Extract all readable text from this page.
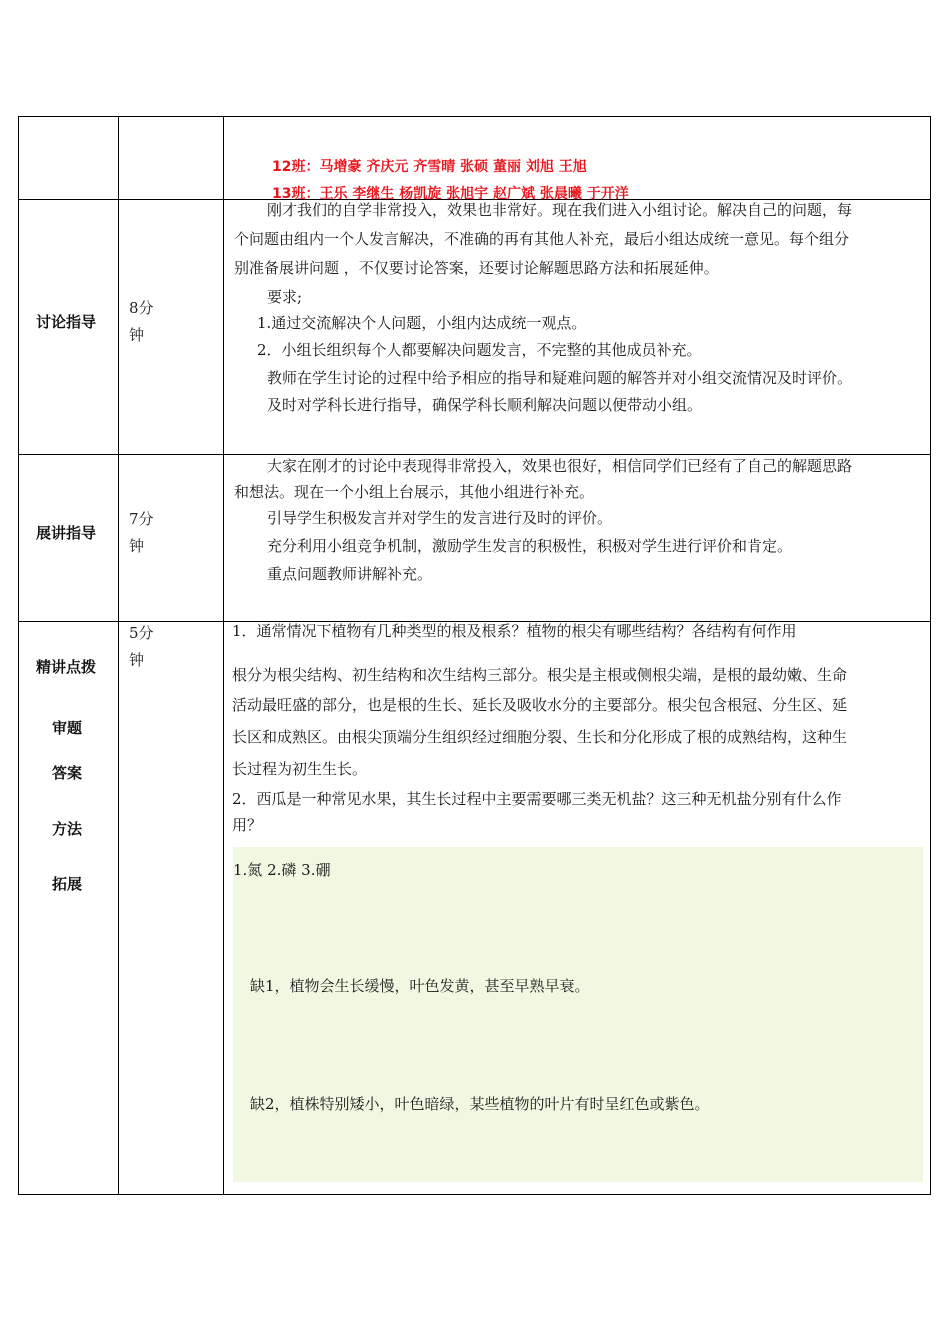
12班：马增豪 齐庆元 齐雪晴 张硕 董丽 刘旭 王旭
13班：王乐 李继生 杨凯旋 张旭宇 赵广斌 张晨曦 于开洋
讨论指导
8分
钟
刚才我们的自学非常投入，效果也非常好。现在我们进入小组讨论。解决自己的问题，每
个问题由组内一个人发言解决，不准确的再有其他人补充，最后小组达成统一意见。每个组分
别准备展讲问题 ，不仅要讨论答案，还要讨论解题思路方法和拓展延伸。
要求;
1.通过交流解决个人问题，小组内达成统一观点。
2．小组长组织每个人都要解决问题发言，不完整的其他成员补充。
教师在学生讨论的过程中给予相应的指导和疑难问题的解答并对小组交流情况及时评价。
及时对学科长进行指导，确保学科长顺利解决问题以便带动小组。
展讲指导
7分
钟
大家在刚才的讨论中表现得非常投入，效果也很好，相信同学们已经有了自己的解题思路
和想法。现在一个小组上台展示，其他小组进行补充。
引导学生积极发言并对学生的发言进行及时的评价。
充分利用小组竞争机制，激励学生发言的积极性，积极对学生进行评价和肯定。
重点问题教师讲解补充。
精讲点拨
审题
答案
方法
拓展
5分
钟
1．通常情况下植物有几种类型的根及根系？植物的根尖有哪些结构？各结构有何作用
根分为根尖结构、初生结构和次生结构三部分。根尖是主根或侧根尖端，是根的最幼嫩、生命
活动最旺盛的部分，也是根的生长、延长及吸收水分的主要部分。根尖包含根冠、分生区、延
长区和成熟区。由根尖顶端分生组织经过细胞分裂、生长和分化形成了根的成熟结构，这种生
长过程为初生生长。
2．西瓜是一种常见水果，其生长过程中主要需要哪三类无机盐？这三种无机盐分别有什么作
用？
1.氮 2.磷 3.硼
缺1，植物会生长缓慢，叶色发黄，甚至早熟早衰。
缺2，植株特别矮小，叶色暗绿，某些植物的叶片有时呈红色或紫色。
